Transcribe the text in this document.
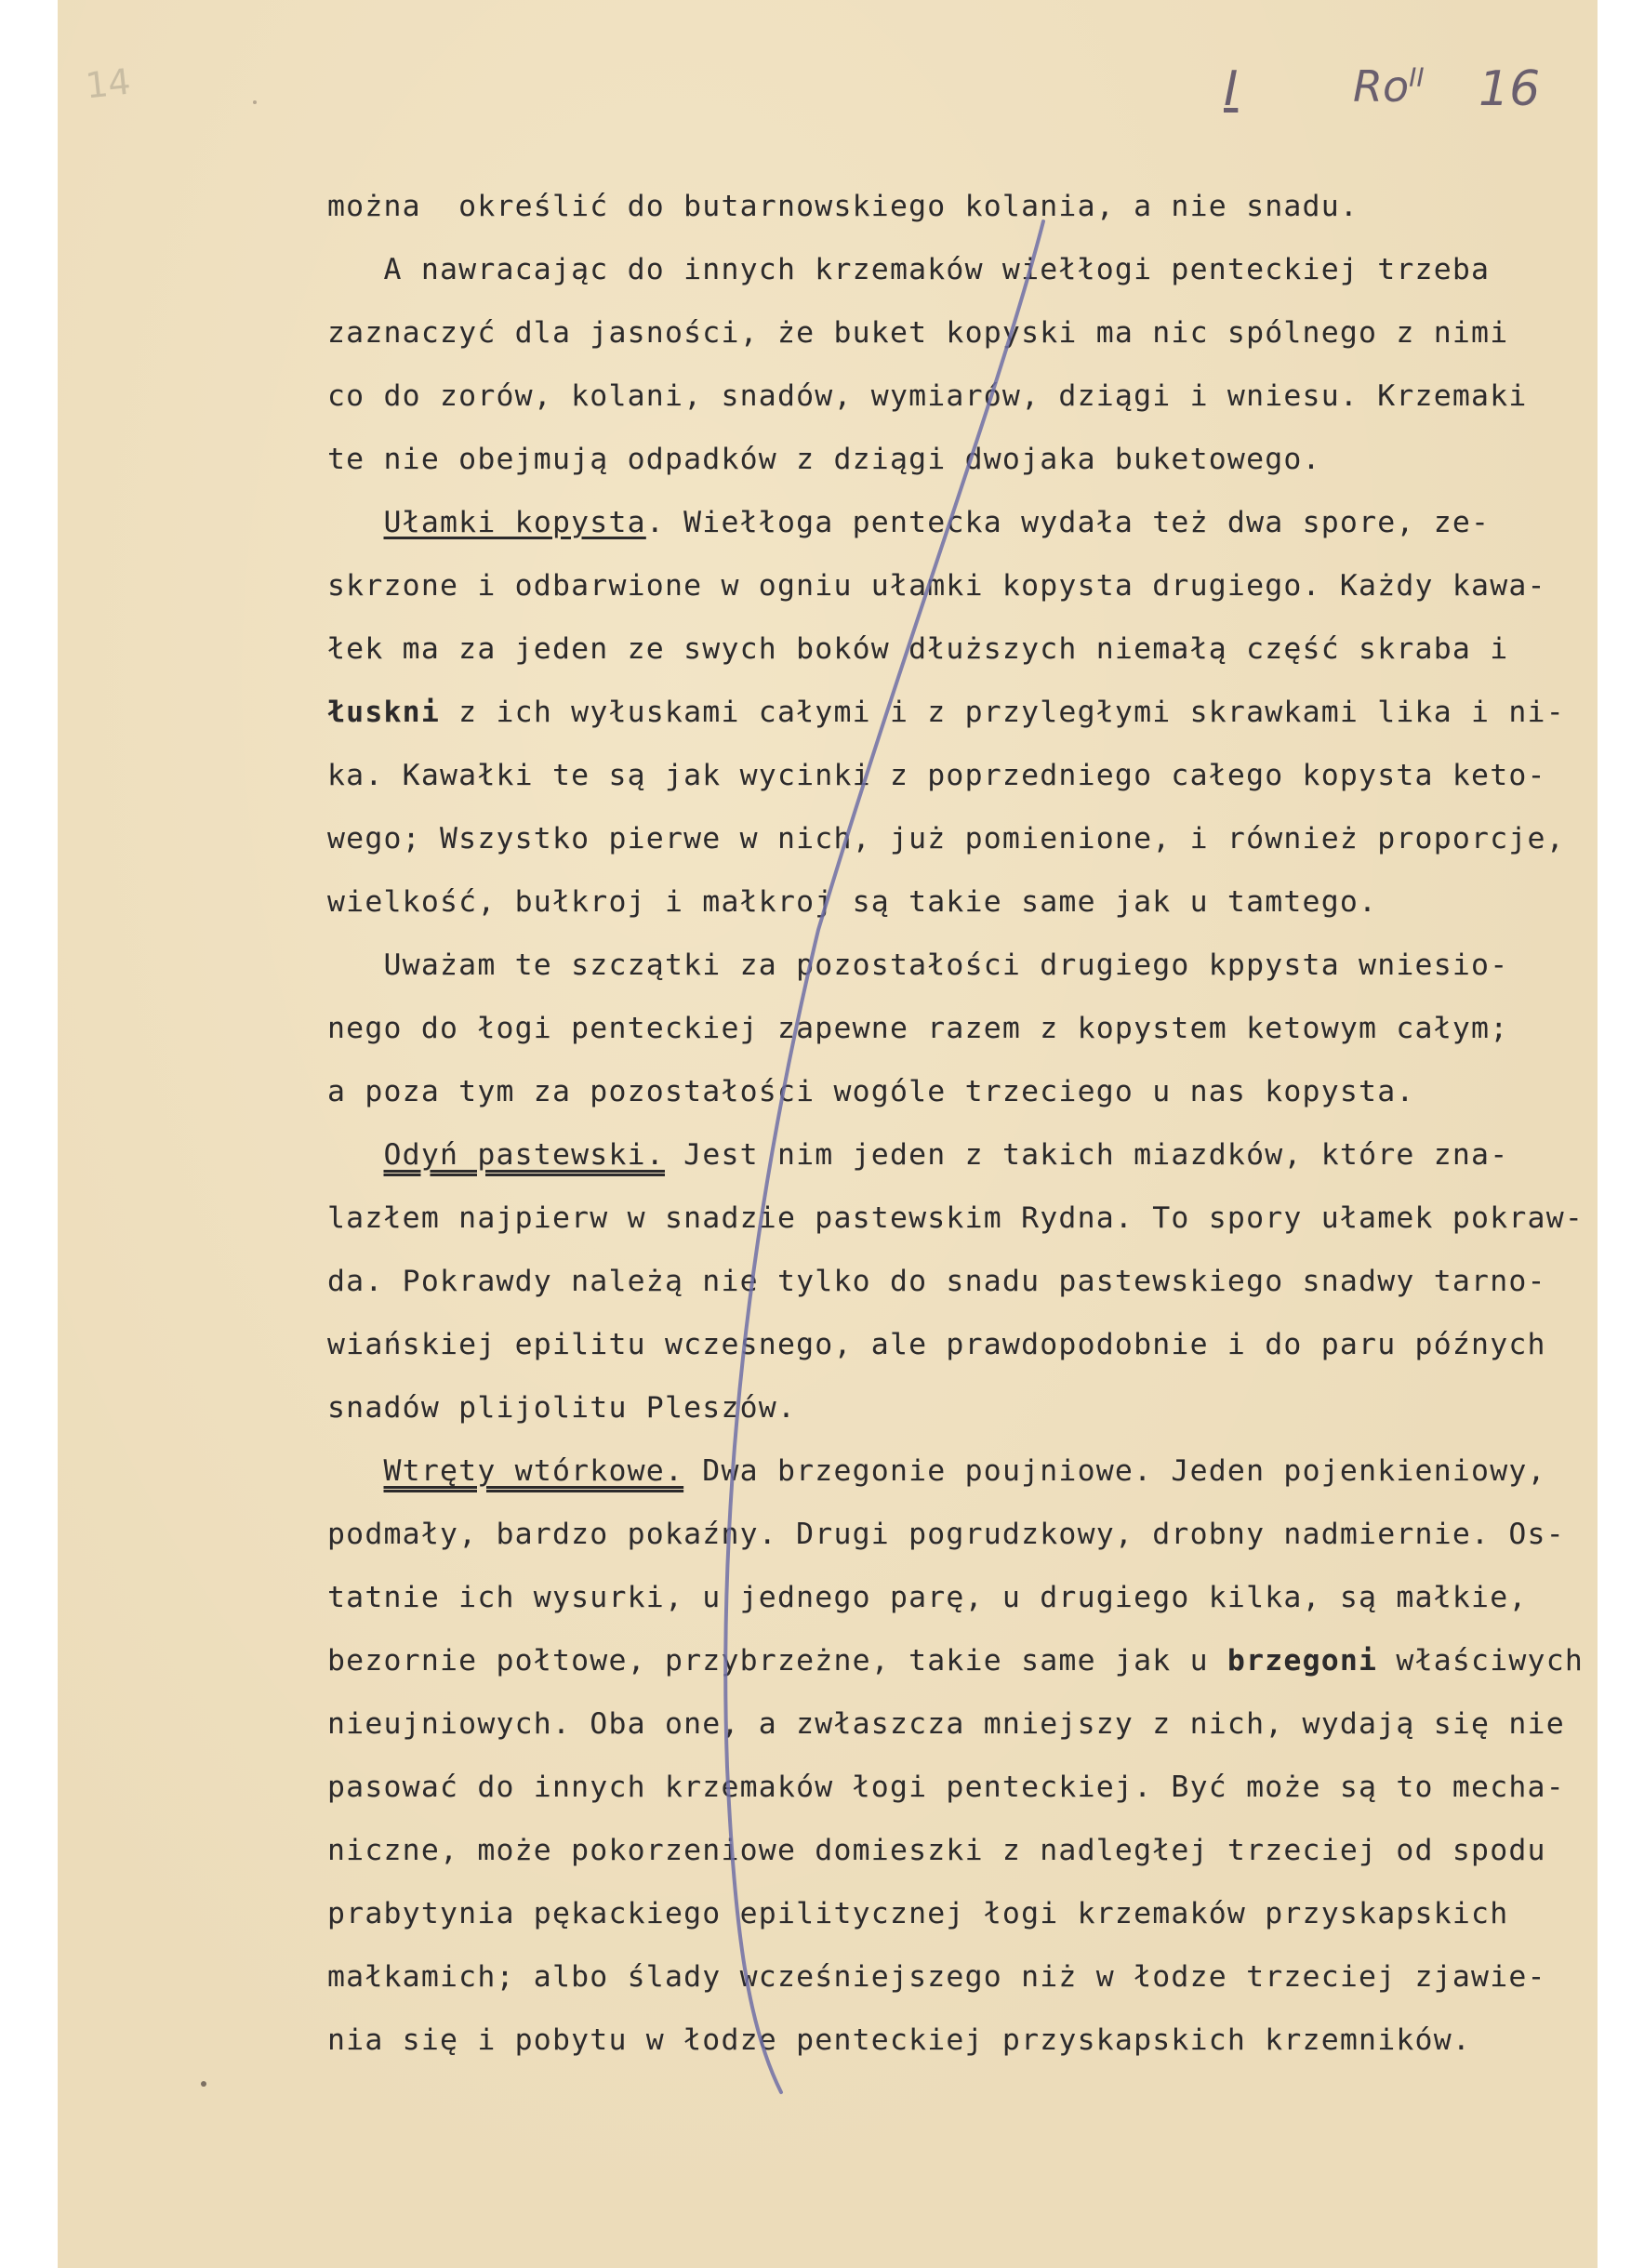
14	I	$Ro^{II}$ 16
można  określić do butarnowskiego kolania, a nie snadu.
A nawracając do innych krzemaków wiełłogi penteckiej trzeba
zaznaczyć dla jasności, że buket kopyski ma nic spólnego z nimi
co do zorów, kolani, snadów, wymiarów, dziągi i wniesu. Krzemaki
te nie obejmują odpadków z dziągi dwojaka buketowego.
Ułamki kopysta. Wiełłoga pentecka wydała też dwa spore, ze-
skrzone i odbarwione w ogniu ułamki kopysta drugiego. Każdy kawa-
łek ma za jeden ze swych boków dłuższych niemałą część skraba i
łuskni z ich wyłuskami całymi i z przyległymi skrawkami lika i ni-
ka. Kawałki te są jak wycinki z poprzedniego całego kopysta keto-
wego; Wszystko pierwe w nich, już pomienione, i również proporcje,
wielkość, bułkroj i małkroj są takie same jak u tamtego.
Uważam te szczątki za pozostałości drugiego kppysta wniesio-
nego do łogi penteckiej zapewne razem z kopystem ketowym całym;
a poza tym za pozostałości wogóle trzeciego u nas kopysta.
Odyń pastewski. Jest nim jeden z takich miazdków, które zna-
lazłem najpierw w snadzie pastewskim Rydna. To spory ułamek pokraw-
da. Pokrawdy należą nie tylko do snadu pastewskiego snadwy tarno-
wiańskiej epilitu wczesnego, ale prawdopodobnie i do paru późnych
snadów plijolitu Pleszów.
Wtręty wtórkowe. Dwa brzegonie poujniowe. Jeden pojenkieniowy,
podmały, bardzo pokaźny. Drugi pogrudzkowy, drobny nadmiernie. Os-
tatnie ich wysurki, u jednego parę, u drugiego kilka, są małkie,
bezornie połtowe, przybrzeżne, takie same jak u brzegoni właściwych
nieujniowych. Oba one, a zwłaszcza mniejszy z nich, wydają się nie
pasować do innych krzemaków łogi penteckiej. Być może są to mecha-
niczne, może pokorzeniowe domieszki z nadległej trzeciej od spodu
prabytynia pękackiego epilitycznej łogi krzemaków przyskapskich
małkamich; albo ślady wcześniejszego niż w łodze trzeciej zjawie-
nia się i pobytu w łodze penteckiej przyskapskich krzemników.
